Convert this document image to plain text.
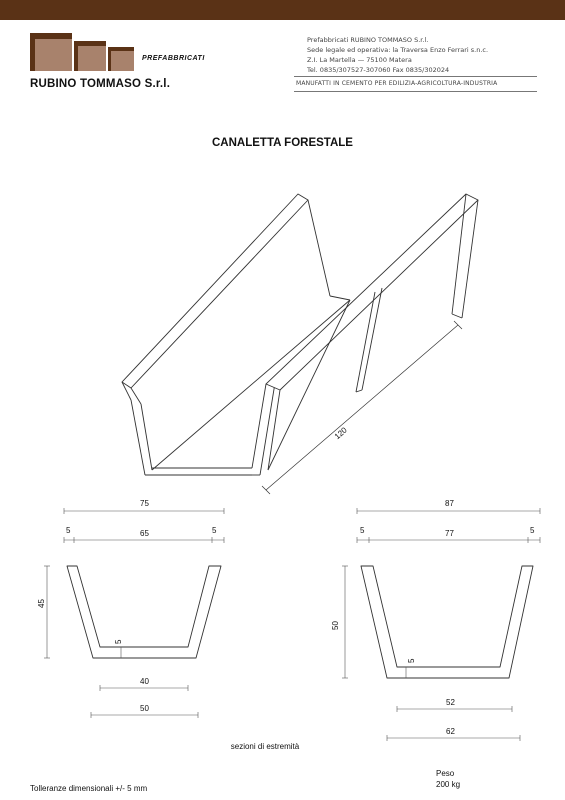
PREFABBRICATI
RUBINO TOMMASO S.r.l.
Prefabbricati RUBINO TOMMASO S.r.l.
Sede legale ed operativa: la Traversa Enzo Ferrari s.n.c.
Z.I. La Martella — 75100 Matera
Tel. 0835/307527-307060 Fax 0835/302024
MANUFATTI IN CEMENTO PER EDILIZIA-AGRICOLTURA-INDUSTRIA
CANALETTA FORESTALE
120
75
5	65	5
45
5
40
50
87
5	77	5
50
5
52
62
sezioni di estremità
Tolleranze dimensionali +/- 5 mm
Peso
200 kg
